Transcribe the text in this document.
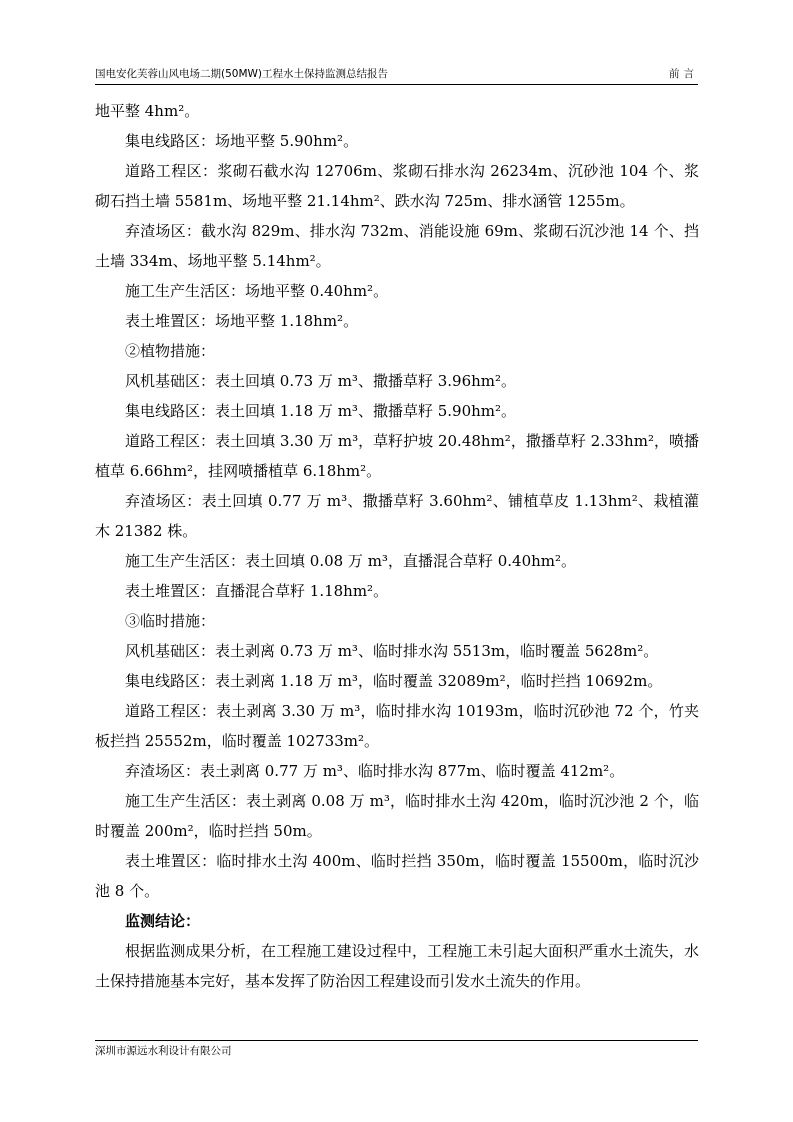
国电安化芙蓉山风电场二期(50MW)工程水土保持监测总结报告	前言

地平整 4hm²。

集电线路区：场地平整 5.90hm²。

道路工程区：浆砌石截水沟 12706m、浆砌石排水沟 26234m、沉砂池 104 个、浆砌石挡土墙 5581m、场地平整 21.14hm²、跌水沟 725m、排水涵管 1255m。

弃渣场区：截水沟 829m、排水沟 732m、消能设施 69m、浆砌石沉沙池 14 个、挡土墙 334m、场地平整 5.14hm²。

施工生产生活区：场地平整 0.40hm²。

表土堆置区：场地平整 1.18hm²。

②植物措施：

风机基础区：表土回填 0.73 万 m³、撒播草籽 3.96hm²。

集电线路区：表土回填 1.18 万 m³、撒播草籽 5.90hm²。

道路工程区：表土回填 3.30 万 m³，草籽护坡 20.48hm²，撒播草籽 2.33hm²，喷播植草 6.66hm²，挂网喷播植草 6.18hm²。

弃渣场区：表土回填 0.77 万 m³、撒播草籽 3.60hm²、铺植草皮 1.13hm²、栽植灌木 21382 株。

施工生产生活区：表土回填 0.08 万 m³，直播混合草籽 0.40hm²。

表土堆置区：直播混合草籽 1.18hm²。

③临时措施：

风机基础区：表土剥离 0.73 万 m³、临时排水沟 5513m，临时覆盖 5628m²。

集电线路区：表土剥离 1.18 万 m³，临时覆盖 32089m²，临时拦挡 10692m。

道路工程区：表土剥离 3.30 万 m³，临时排水沟 10193m，临时沉砂池 72 个，竹夹板拦挡 25552m，临时覆盖 102733m²。

弃渣场区：表土剥离 0.77 万 m³、临时排水沟 877m、临时覆盖 412m²。

施工生产生活区：表土剥离 0.08 万 m³，临时排水土沟 420m，临时沉沙池 2 个，临时覆盖 200m²，临时拦挡 50m。

表土堆置区：临时排水土沟 400m、临时拦挡 350m，临时覆盖 15500m，临时沉沙池 8 个。

监测结论：

根据监测成果分析，在工程施工建设过程中，工程施工未引起大面积严重水土流失，水土保持措施基本完好，基本发挥了防治因工程建设而引发水土流失的作用。

深圳市源远水利设计有限公司
